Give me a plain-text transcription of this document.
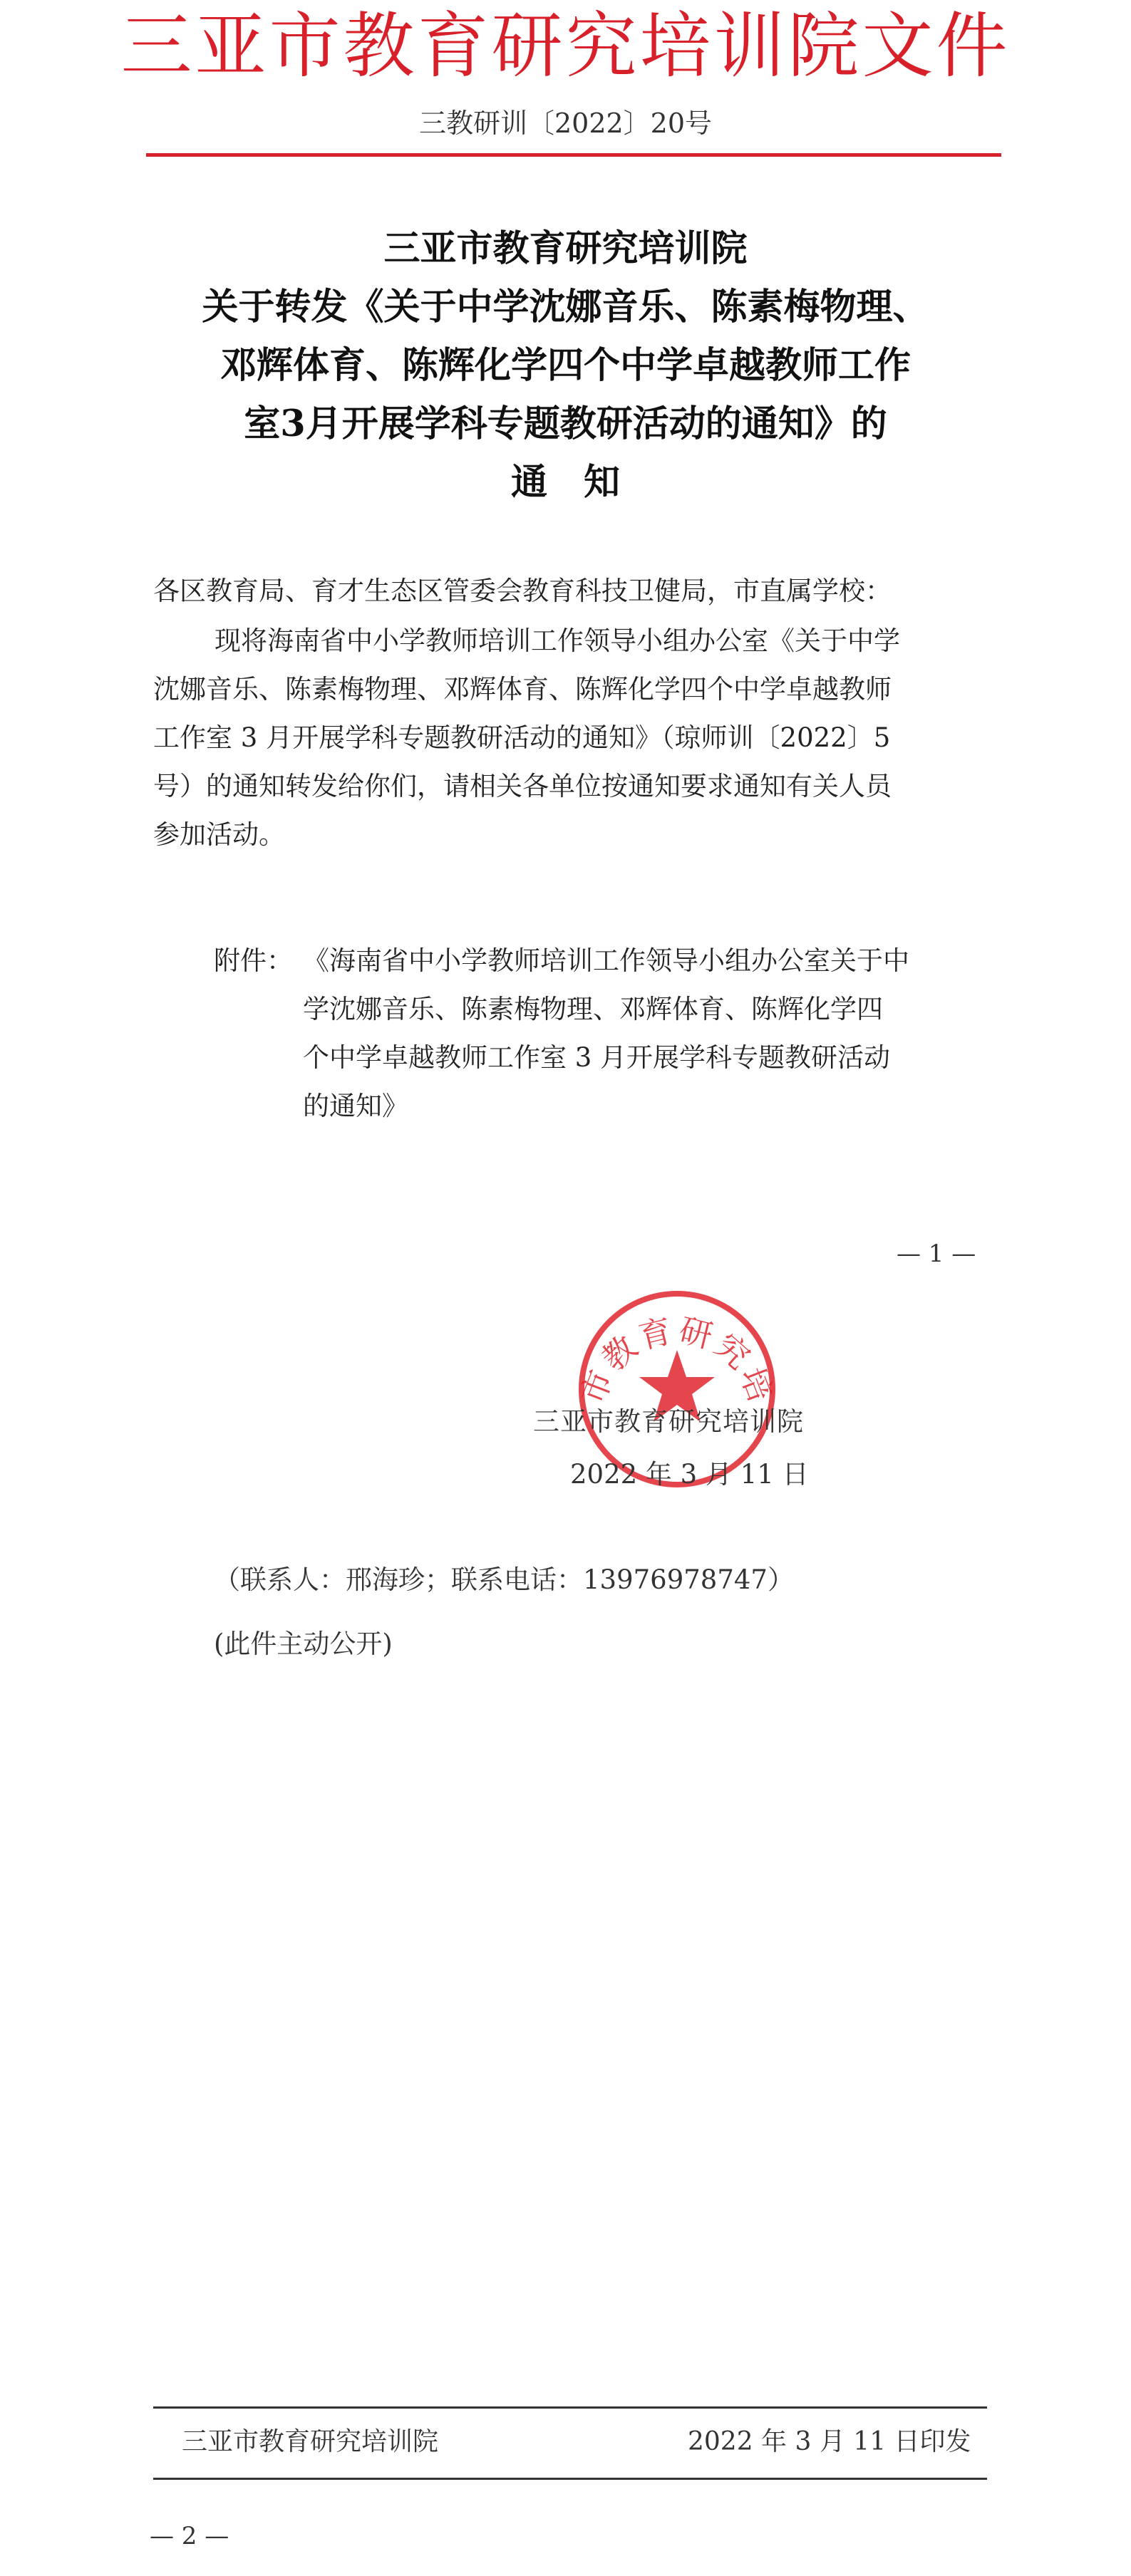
三亚市教育研究培训院文件
三教研训〔2022〕20号
三亚市教育研究培训院
关于转发《关于中学沈娜音乐、陈素梅物理、
邓辉体育、陈辉化学四个中学卓越教师工作
室3月开展学科专题教研活动的通知》的
通　知
各区教育局、育才生态区管委会教育科技卫健局，市直属学校：
现将海南省中小学教师培训工作领导小组办公室《关于中学
沈娜音乐、陈素梅物理、邓辉体育、陈辉化学四个中学卓越教师
工作室 3 月开展学科专题教研活动的通知》（琼师训〔2022〕5
号）的通知转发给你们，请相关各单位按通知要求通知有关人员
参加活动。
附件： 《海南省中小学教师培训工作领导小组办公室关于中
学沈娜音乐、陈素梅物理、邓辉体育、陈辉化学四
个中学卓越教师工作室 3 月开展学科专题教研活动
的通知》
— 1 —
市教育研究培
三亚市教育研究培训院
2022 年 3 月 11 日
（联系人：邢海珍；联系电话：13976978747）
(此件主动公开)
三亚市教育研究培训院	2022 年 3 月 11 日印发
— 2 —
